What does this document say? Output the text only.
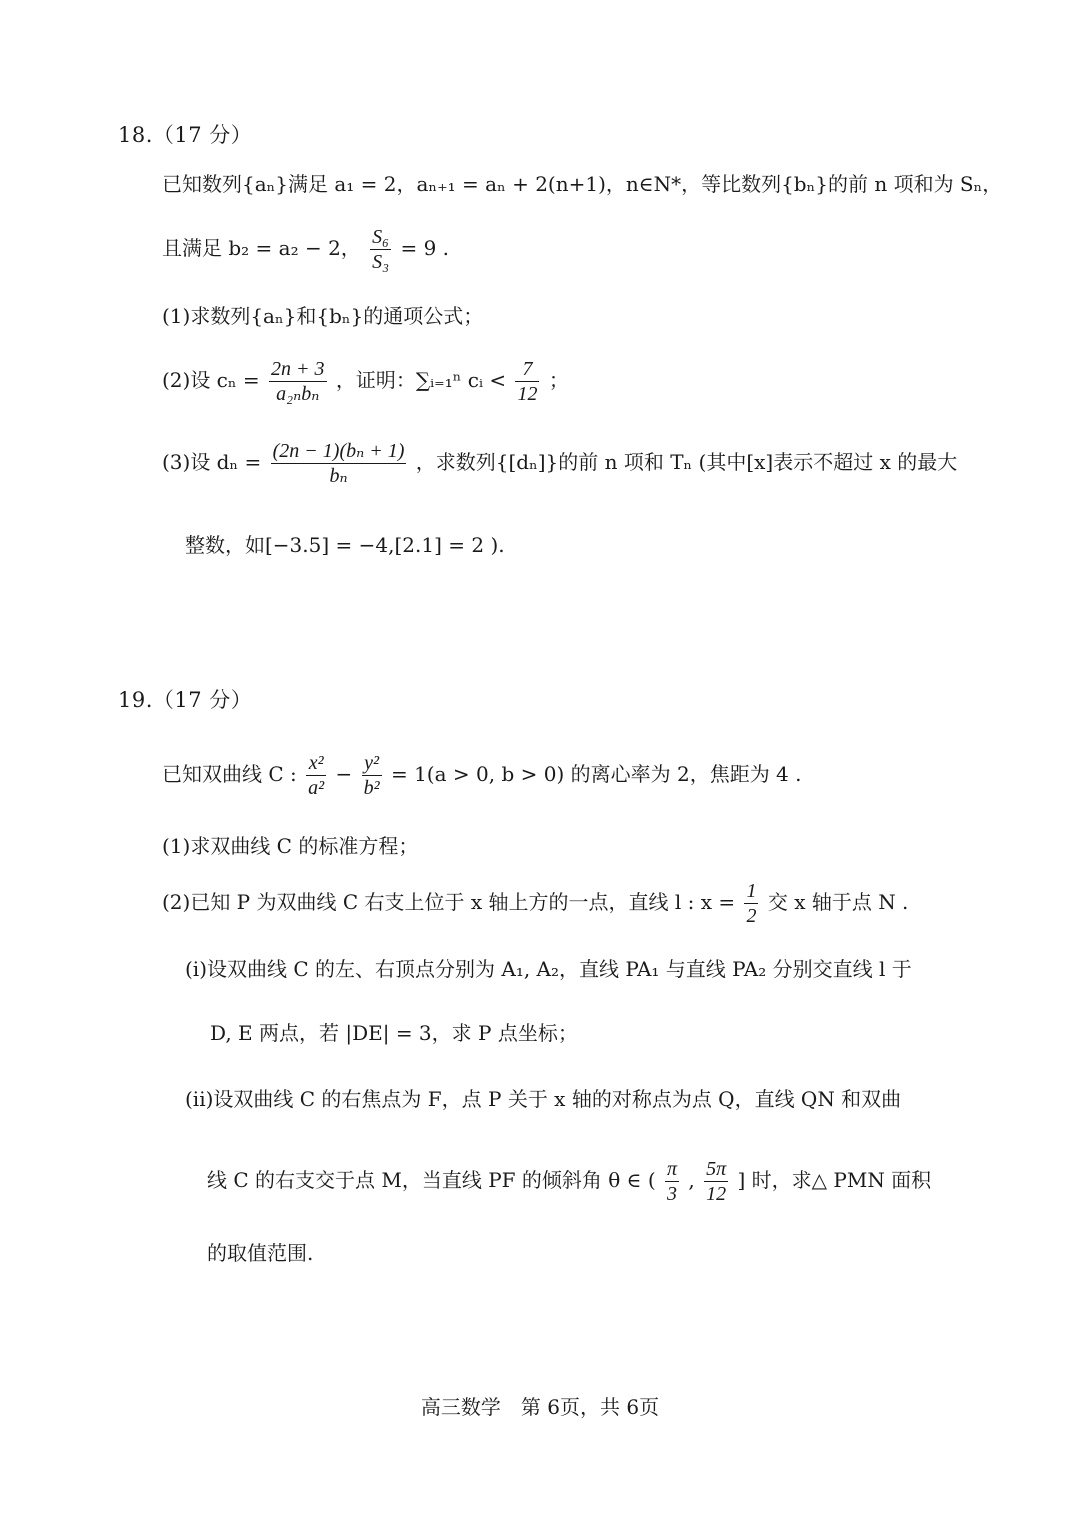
18.（17 分）
已知数列{aₙ}满足 a₁ = 2，aₙ₊₁ = aₙ + 2(n+1)，n∈N*，等比数列{bₙ}的前 n 项和为 Sₙ，
且满足 b₂ = a₂ − 2， $\frac{\text{S₆}}{\text{S₃}} = 9$ .
(1)求数列{aₙ}和{bₙ}的通项公式；
(2)设 $c_n = \frac{2n + 3}{\text{a₂ₙbₙ}}$ ，证明：∑ᵢ₌₁ⁿ cᵢ < $\frac{7}{12}$ ；
(3)设 $d_n = \frac{\text{(2n − 1)(bₙ + 1)}}{\text{bₙ}}$ ，求数列{[dₙ]}的前 n 项和 Tₙ (其中[x]表示不超过 x 的最大
整数，如[−3.5] = −4,[2.1] = 2 ).
19.（17 分）
已知双曲线 C : $\frac{\text{x²}}{\text{a²}} - \frac{\text{y²}}{\text{b²}} = 1(a > 0$, b > 0) 的离心率为 2，焦距为 4 .
(1)求双曲线 C 的标准方程；
(2)已知 P 为双曲线 C 右支上位于 x 轴上方的一点，直线 l : $x = \frac{1}{2}$ 交 x 轴于点 N .
(i)设双曲线 C 的左、右顶点分别为 A₁, A₂，直线 PA₁ 与直线 PA₂ 分别交直线 l 于
D, E 两点，若 |DE| = 3，求 P 点坐标；
(ii)设双曲线 C 的右焦点为 F，点 P 关于 x 轴的对称点为点 Q，直线 QN 和双曲
线 C 的右支交于点 M，当直线 PF 的倾斜角 θ ∈ ( $\frac{\pi}{3}$ , $\frac{5\pi}{12}$ ] 时，求△ PMN 面积
的取值范围.
高三数学　第 6页，共 6页
